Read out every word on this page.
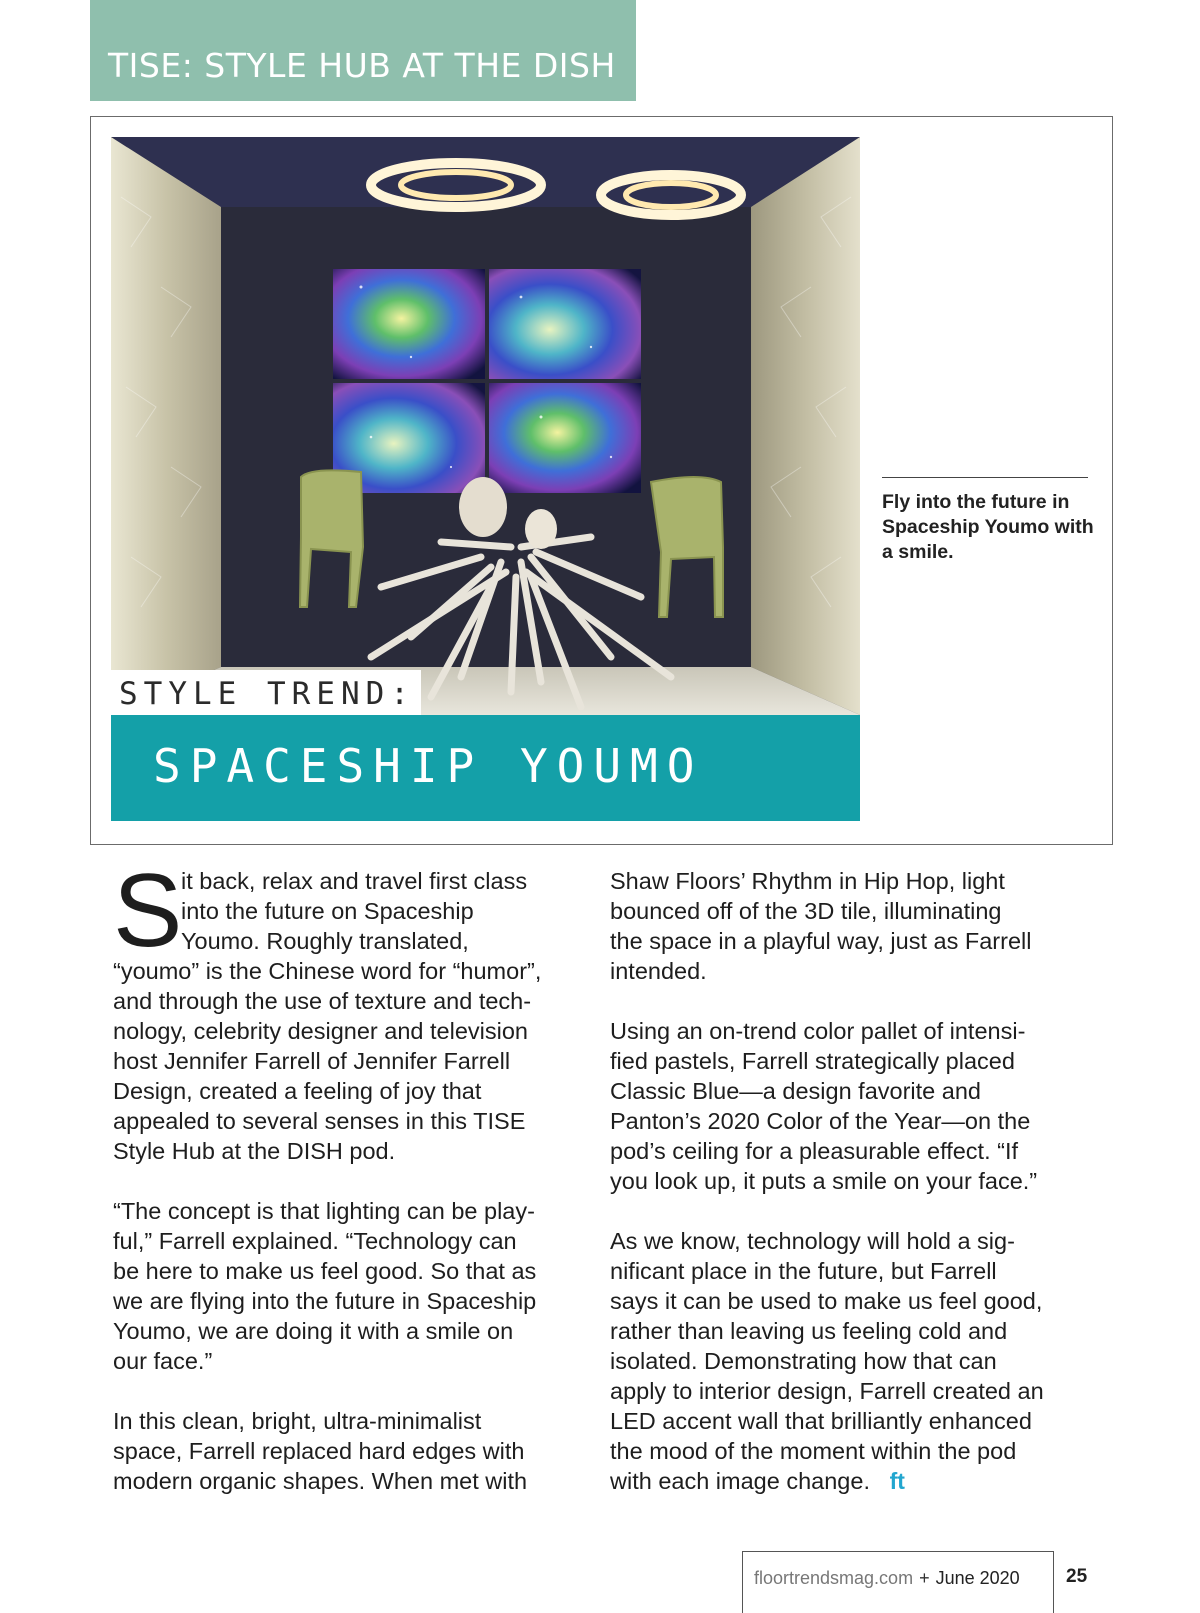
TISE: STYLE HUB AT THE DISH
STYLE TREND:
SPACESHIP YOUMO
Fly into the future in Spaceship Youmo with a smile.
S

it back, relax and travel first class
into the future on Spaceship
Youmo. Roughly translated,
“youmo” is the Chinese word for “humor”,
and through the use of texture and tech-
nology, celebrity designer and television
host Jennifer Farrell of Jennifer Farrell
Design, created a feeling of joy that
appealed to several senses in this TISE
Style Hub at the DISH pod.

“The concept is that lighting can be play-
ful,” Farrell explained. “Technology can
be here to make us feel good. So that as
we are flying into the future in Spaceship
Youmo, we are doing it with a smile on
our face.”

In this clean, bright, ultra-minimalist
space, Farrell replaced hard edges with
modern organic shapes. When met with

Shaw Floors’ Rhythm in Hip Hop, light
bounced off of the 3D tile, illuminating
the space in a playful way, just as Farrell
intended.

Using an on-trend color pallet of intensi-
fied pastels, Farrell strategically placed
Classic Blue—a design favorite and
Panton’s 2020 Color of the Year—on the
pod’s ceiling for a pleasurable effect. “If
you look up, it puts a smile on your face.”

As we know, technology will hold a sig-
nificant place in the future, but Farrell
says it can be used to make us feel good,
rather than leaving us feeling cold and
isolated. Demonstrating how that can
apply to interior design, Farrell created an
LED accent wall that brilliantly enhanced
the mood of the moment within the pod
with each image change. ft

floortrendsmag.com + June 2020	25
